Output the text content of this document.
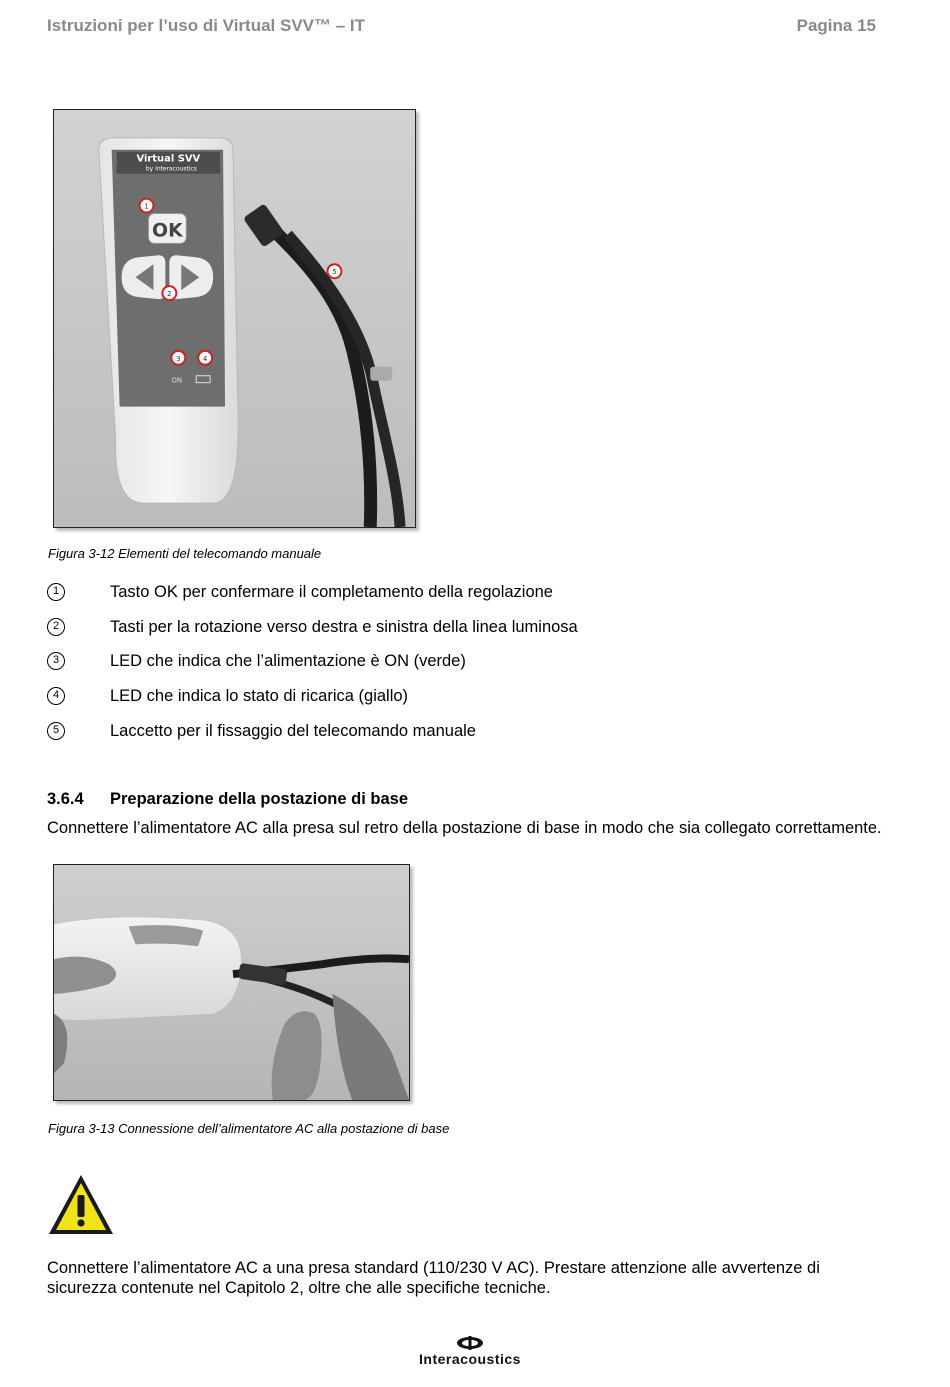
Istruzioni per l’uso di Virtual SVV™ – IT	Pagina 15
Virtual SVV
by Interacoustics
OK
ON
1
2
3	4
5
Figura 3-12 Elementi del telecomando manuale
1	Tasto OK per confermare il completamento della regolazione
2	Tasti per la rotazione verso destra e sinistra della linea luminosa
3	LED che indica che l’alimentazione è ON (verde)
4	LED che indica lo stato di ricarica (giallo)
5	Laccetto per il fissaggio del telecomando manuale
3.6.4 Preparazione della postazione di base
Connettere l’alimentatore AC alla presa sul retro della postazione di base in modo che sia collegato correttamente.
Figura 3-13 Connessione dell’alimentatore AC alla postazione di base
Connettere l’alimentatore AC a una presa standard (110/230 V AC). Prestare attenzione alle avvertenze di sicurezza contenute nel Capitolo 2, oltre che alle specifiche tecniche.
Interacoustics
